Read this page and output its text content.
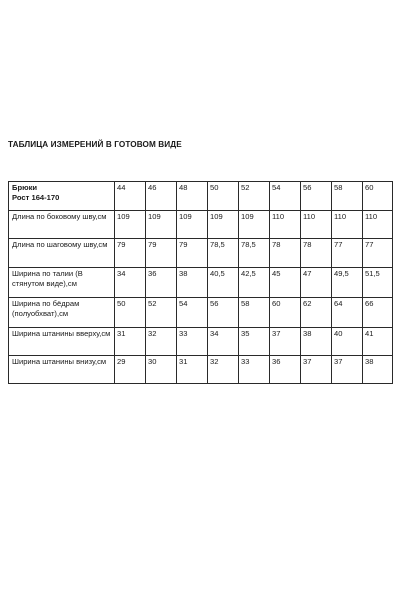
ТАБЛИЦА ИЗМЕРЕНИЙ В ГОТОВОМ ВИДЕ
Брюки
Рост 164-170	44	46	48	50	52	54	56	58	60
Длина по боковому шву,см	109	109	109	109	109	110	110	110	110
Длина по шаговому шву,см	79	79	79	78,5	78,5	78	78	77	77
Ширина по талии (В стянутом виде),см	34	36	38	40,5	42,5	45	47	49,5	51,5
Ширина по бёдрам (полуобхват),см	50	52	54	56	58	60	62	64	66
Ширина штанины вверху,см	31	32	33	34	35	37	38	40	41
Ширина штанины внизу,см	29	30	31	32	33	36	37	37	38
